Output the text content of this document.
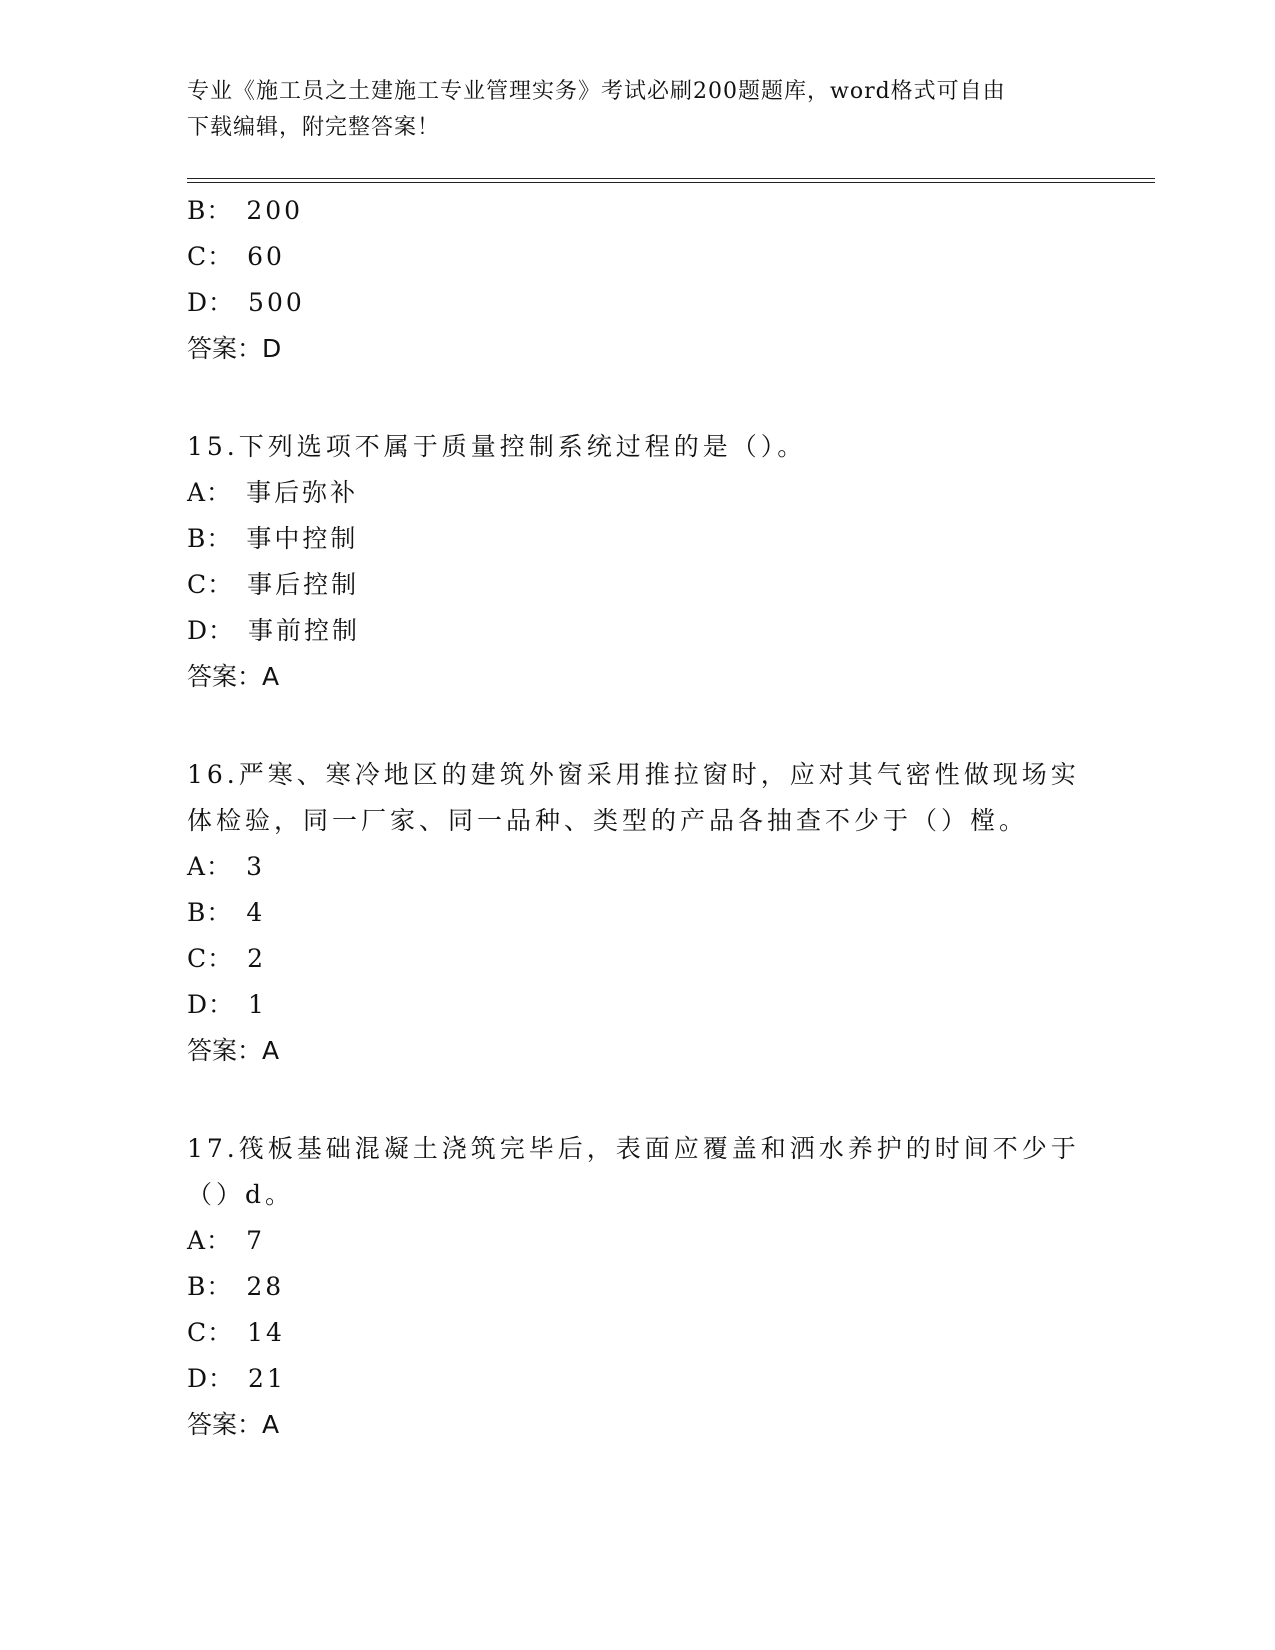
专业《施工员之土建施工专业管理实务》考试必刷200题题库，word格式可自由
下载编辑，附完整答案！
B： 200
C： 60
D： 500
答案：D
15.下列选项不属于质量控制系统过程的是（）。
A： 事后弥补
B： 事中控制
C： 事后控制
D： 事前控制
答案：A
16.严寒、寒冷地区的建筑外窗采用推拉窗时，应对其气密性做现场实
体检验，同一厂家、同一品种、类型的产品各抽查不少于（）樘。
A： 3
B： 4
C： 2
D： 1
答案：A
17.筏板基础混凝土浇筑完毕后，表面应覆盖和洒水养护的时间不少于
（）d。
A： 7
B： 28
C： 14
D： 21
答案：A
